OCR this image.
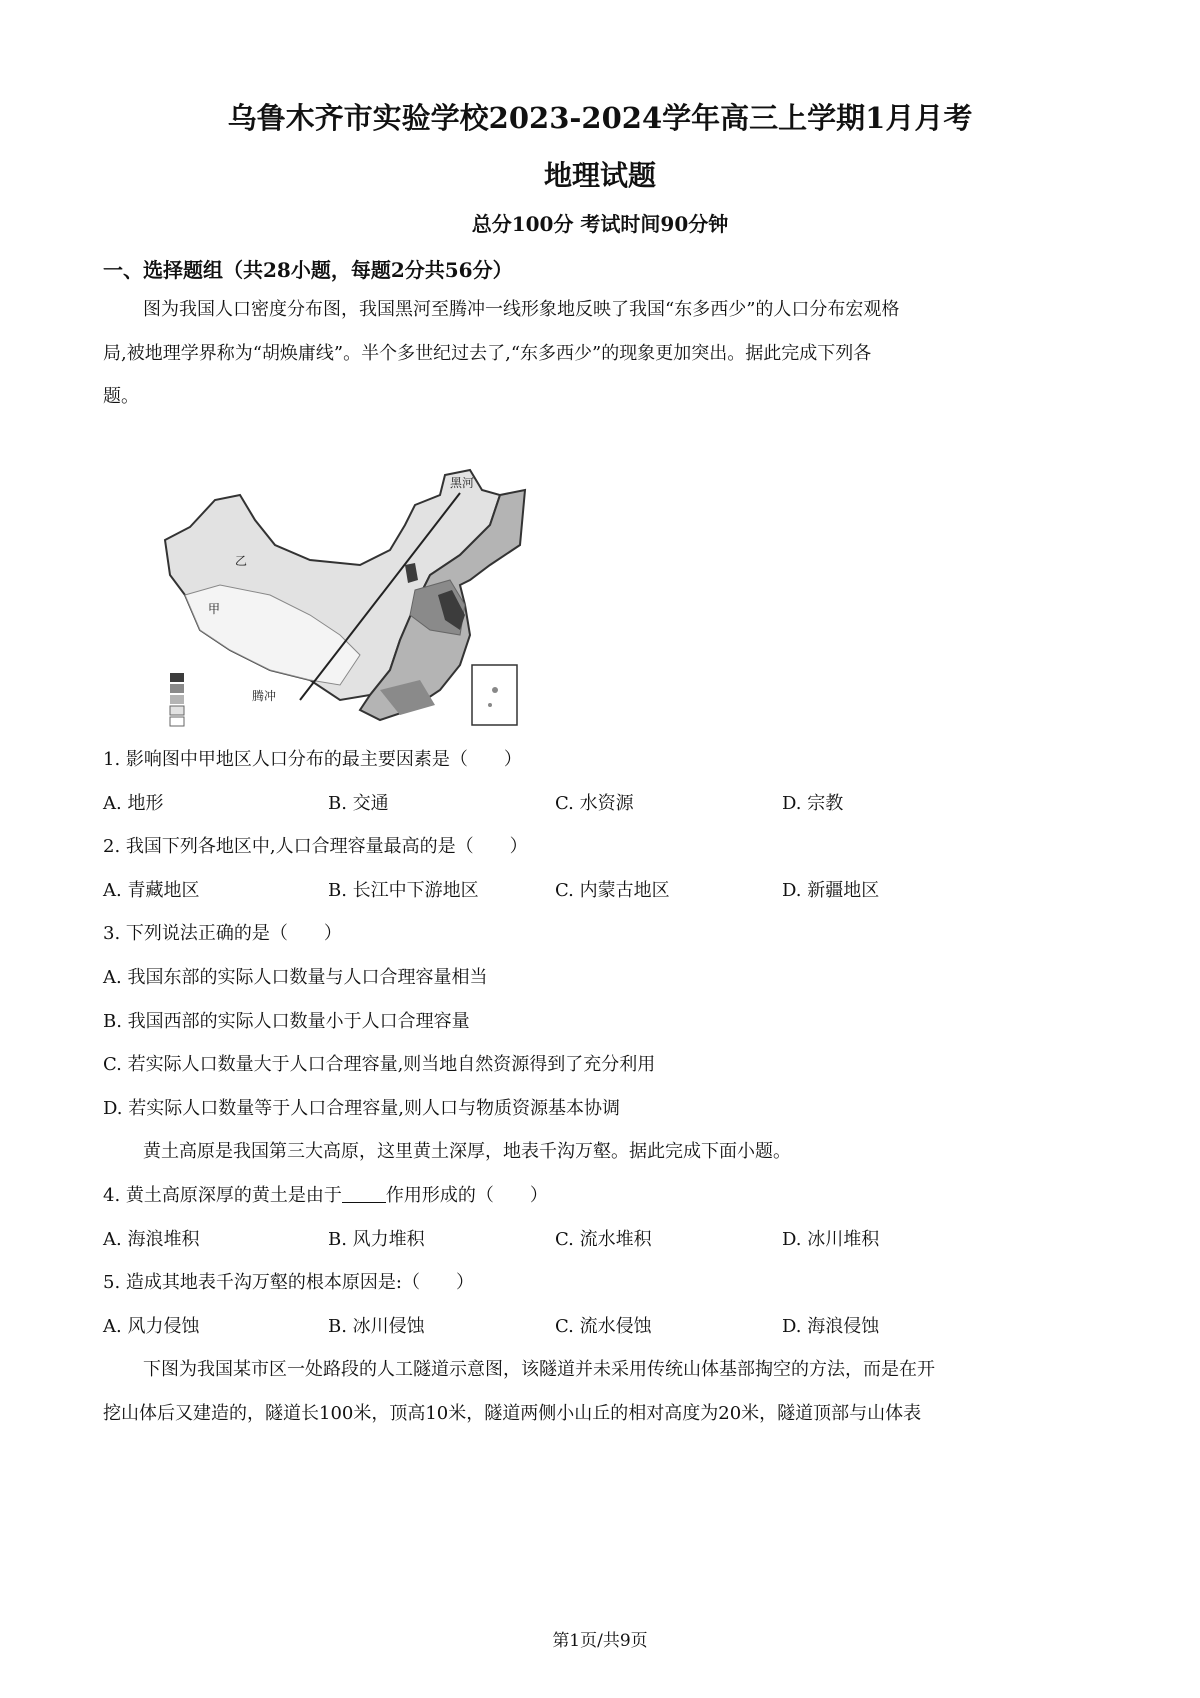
乌鲁木齐市实验学校2023-2024学年高三上学期1月月考
地理试题
总分100分 考试时间90分钟
一、选择题组（共28小题，每题2分共56分）
图为我国人口密度分布图，我国黑河至腾冲一线形象地反映了我国“东多西少”的人口分布宏观格
局,被地理学界称为“胡焕庸线”。半个多世纪过去了,“东多西少”的现象更加突出。据此完成下列各
题。
黑河
腾冲
甲
乙
1. 影响图中甲地区人口分布的最主要因素是（　　）
A. 地形	B. 交通	C. 水资源	D. 宗教
2. 我国下列各地区中,人口合理容量最高的是（　　）
A. 青藏地区	B. 长江中下游地区	C. 内蒙古地区	D. 新疆地区
3. 下列说法正确的是（　　）
A. 我国东部的实际人口数量与人口合理容量相当
B. 我国西部的实际人口数量小于人口合理容量
C. 若实际人口数量大于人口合理容量,则当地自然资源得到了充分利用
D. 若实际人口数量等于人口合理容量,则人口与物质资源基本协调
黄土高原是我国第三大高原，这里黄土深厚，地表千沟万壑。据此完成下面小题。
4. 黄土高原深厚的黄土是由于 作用形成的（　　）
A. 海浪堆积	B. 风力堆积	C. 流水堆积	D. 冰川堆积
5. 造成其地表千沟万壑的根本原因是:（　　）
A. 风力侵蚀	B. 冰川侵蚀	C. 流水侵蚀	D. 海浪侵蚀
下图为我国某市区一处路段的人工隧道示意图，该隧道并未采用传统山体基部掏空的方法，而是在开
挖山体后又建造的，隧道长100米，顶高10米，隧道两侧小山丘的相对高度为20米，隧道顶部与山体表
第1页/共9页
